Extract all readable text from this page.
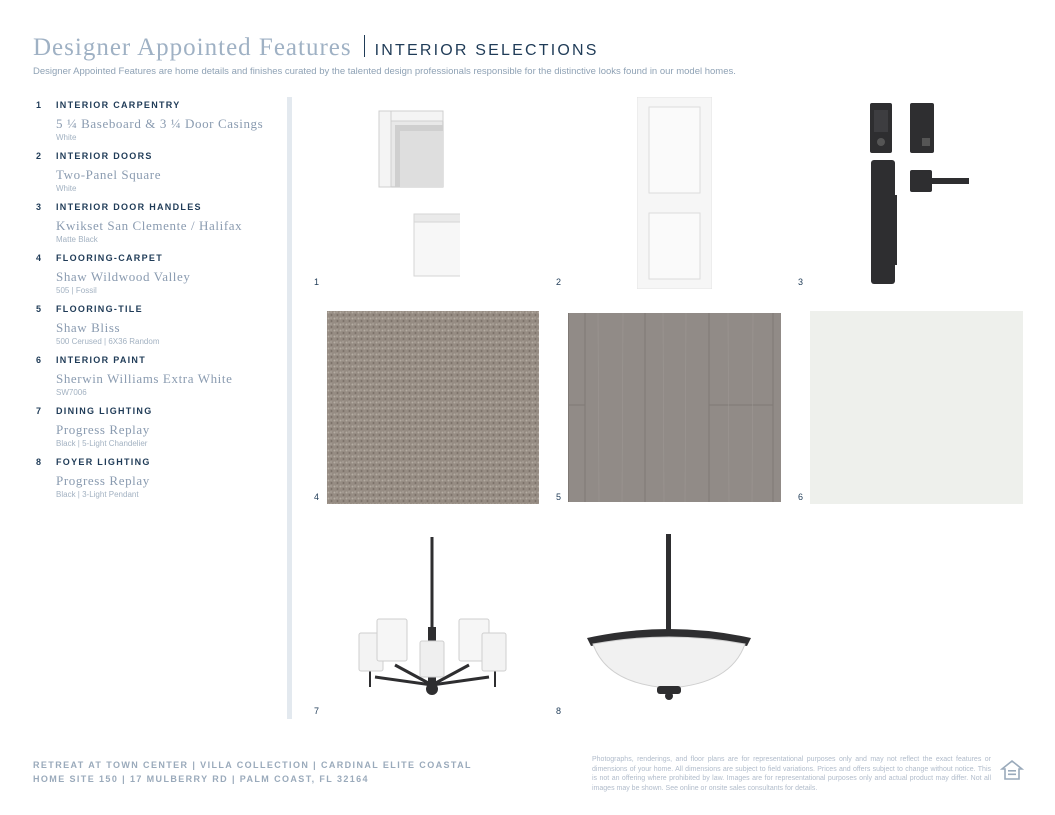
Designer Appointed Features INTERIOR SELECTIONS
Designer Appointed Features are home details and finishes curated by the talented design professionals responsible for the distinctive looks found in our model homes.
1 INTERIOR CARPENTRY
5 ¼ Baseboard & 3 ¼ Door Casings
White
2 INTERIOR DOORS
Two-Panel Square
White
3 INTERIOR DOOR HANDLES
Kwikset San Clemente / Halifax
Matte Black
4 FLOORING-CARPET
Shaw Wildwood Valley
505 | Fossil
5 FLOORING-TILE
Shaw Bliss
500 Cerused | 6X36 Random
6 INTERIOR PAINT
Sherwin Williams Extra White
SW7006
7 DINING LIGHTING
Progress Replay
Black | 5-Light Chandelier
8 FOYER LIGHTING
Progress Replay
Black | 3-Light Pendant
1	2	3
4	5	6
7	8
RETREAT AT TOWN CENTER | VILLA COLLECTION | CARDINAL ELITE COASTAL
HOME SITE 150 | 17 MULBERRY RD | PALM COAST, FL 32164
Photographs, renderings, and floor plans are for representational purposes only and may not reflect the exact features or dimensions of your home. All dimensions are subject to field variations. Prices and offers subject to change without notice. This is not an offering where prohibited by law. Images are for representational purposes only and actual product may differ. Not all images may be shown. See online or onsite sales consultants for details.
